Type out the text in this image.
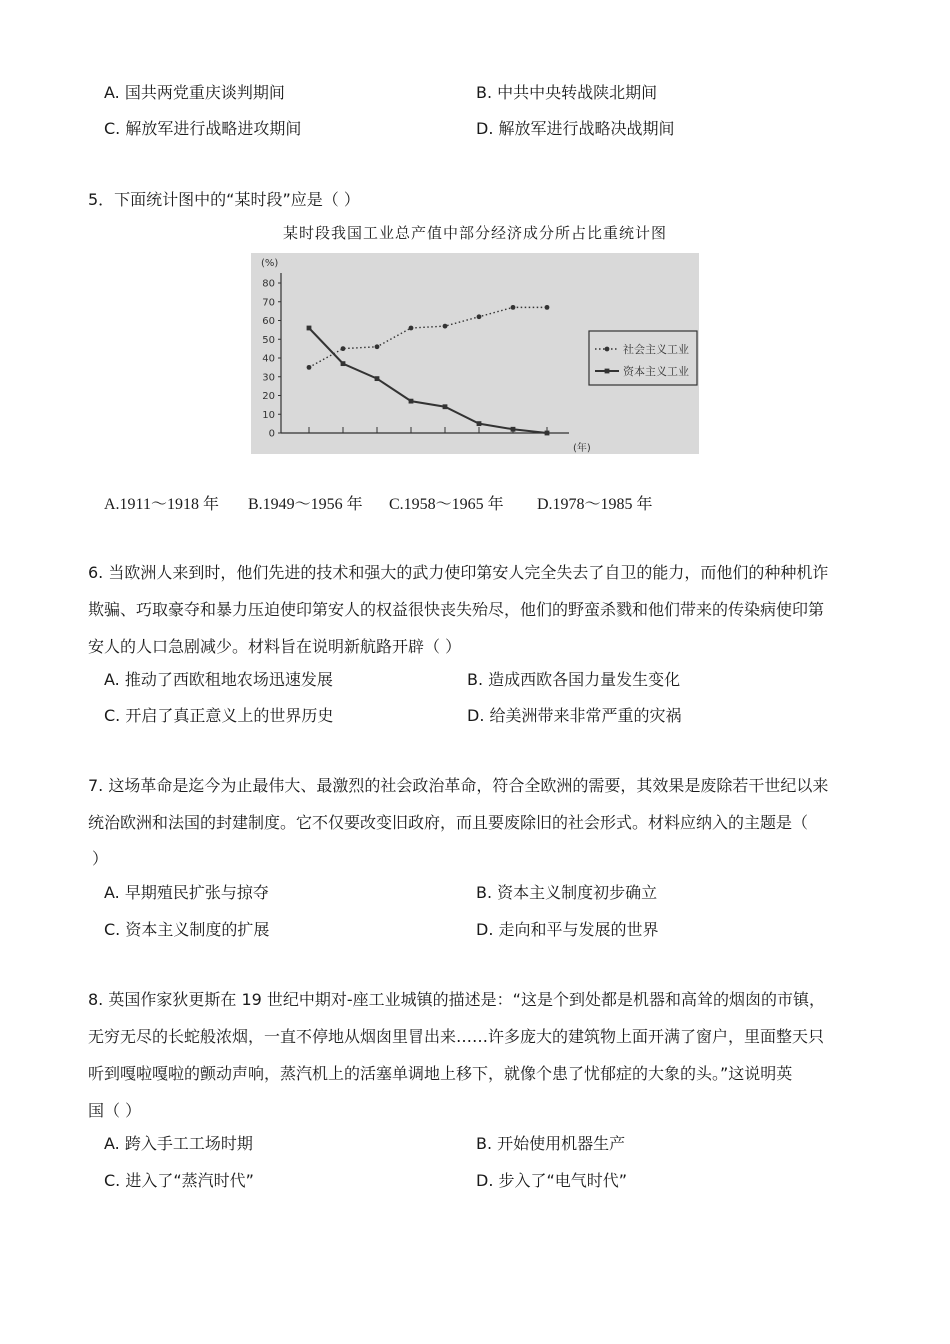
A. 国共两党重庆谈判期间	B. 中共中央转战陕北期间
C. 解放军进行战略进攻期间	D. 解放军进行战略决战期间
5．下面统计图中的“某时段”应是（ ）
某时段我国工业总产值中部分经济成分所占比重统计图
(%)
80
70
60
50
40
30
20
10
0
(年)
社会主义工业
资本主义工业
A.1911～1918 年 B.1949～1956 年 C.1958～1965 年 D.1978～1985 年
6. 当欧洲人来到时，他们先进的技术和强大的武力使印第安人完全失去了自卫的能力，而他们的种种机诈
欺骗、巧取豪夺和暴力压迫使印第安人的权益很快丧失殆尽，他们的野蛮杀戮和他们带来的传染病使印第
安人的人口急剧减少。材料旨在说明新航路开辟（ ）
A. 推动了西欧租地农场迅速发展	B. 造成西欧各国力量发生变化
C. 开启了真正意义上的世界历史	D. 给美洲带来非常严重的灾祸
7. 这场革命是迄今为止最伟大、最激烈的社会政治革命，符合全欧洲的需要，其效果是废除若干世纪以来
统治欧洲和法国的封建制度。它不仅要改变旧政府，而且要废除旧的社会形式。材料应纳入的主题是（
）
A. 早期殖民扩张与掠夺	B. 资本主义制度初步确立
C. 资本主义制度的扩展	D. 走向和平与发展的世界
8. 英国作家狄更斯在 19 世纪中期对-座工业城镇的描述是：“这是个到处都是机器和高耸的烟囱的市镇，
无穷无尽的长蛇般浓烟，一直不停地从烟囱里冒出来……许多庞大的建筑物上面开满了窗户，里面整天只
听到嘎啦嘎啦的颤动声响，蒸汽机上的活塞单调地上移下，就像个患了忧郁症的大象的头。”这说明英
国（ ）
A. 跨入手工工场时期	B. 开始使用机器生产
C. 进入了“蒸汽时代”	D. 步入了“电气时代”
